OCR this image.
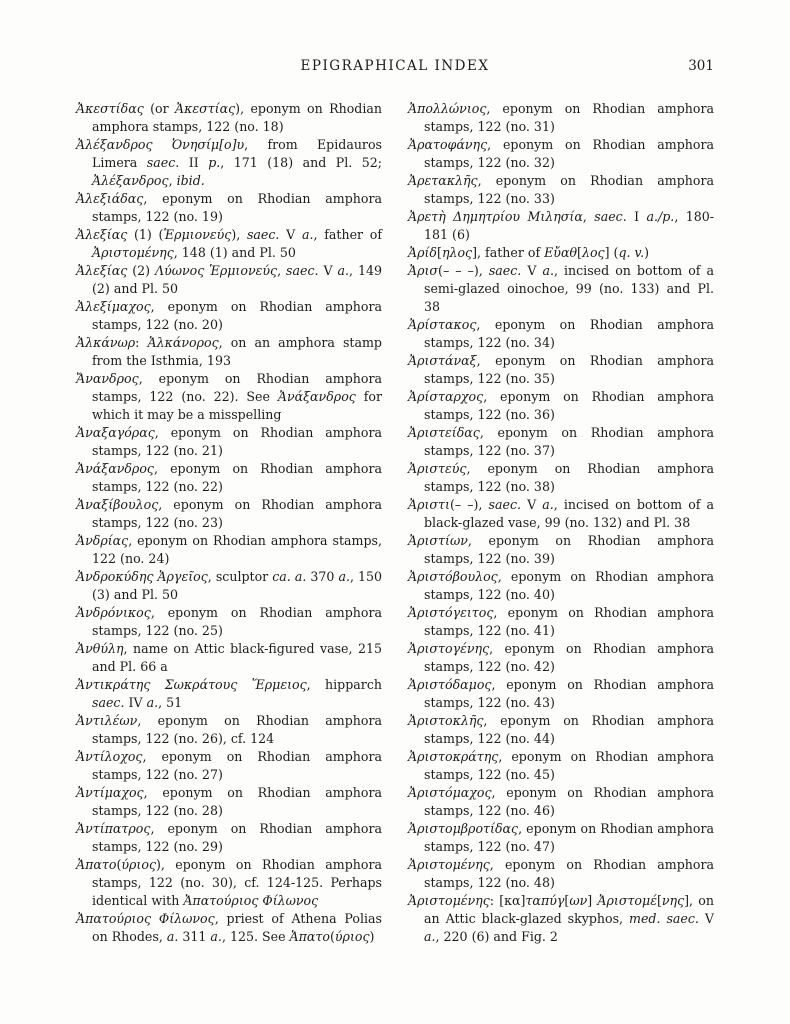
EPIGRAPHICAL INDEX	301

Ἀκεστίδας (or Ἀκεστίας), eponym on Rhodian amphora stamps, 122 (no. 18)

Ἀλέξανδρος Ὀνησίμ[ο]υ, from Epidauros Limera saec. II p., 171 (18) and Pl. 52; Ἀλέξανδρος, ibid.

Ἀλεξιάδας, eponym on Rhodian amphora stamps, 122 (no. 19)

Ἀλεξίας (1) (Ἑρμιονεύς), saec. V a., father of Ἀριστομένης, 148 (1) and Pl. 50

Ἀλεξίας (2) Λύωνος Ἑρμιονεύς, saec. V a., 149 (2) and Pl. 50

Ἀλεξίμαχος, eponym on Rhodian amphora stamps, 122 (no. 20)

Ἀλκάνωρ: Ἀλκάνορος, on an amphora stamp from the Isthmia, 193

Ἄνανδρος, eponym on Rhodian amphora stamps, 122 (no. 22). See Ἀνάξανδρος for which it may be a misspelling

Ἀναξαγόρας, eponym on Rhodian amphora stamps, 122 (no. 21)

Ἀνάξανδρος, eponym on Rhodian amphora stamps, 122 (no. 22)

Ἀναξίβουλος, eponym on Rhodian amphora stamps, 122 (no. 23)

Ἀνδρίας, eponym on Rhodian amphora stamps, 122 (no. 24)

Ἀνδροκύδης Ἀργεῖος, sculptor ca. a. 370 a., 150 (3) and Pl. 50

Ἀνδρόνικος, eponym on Rhodian amphora stamps, 122 (no. 25)

Ἀνθύλη, name on Attic black-figured vase, 215 and Pl. 66 a

Ἀντικράτης Σωκράτους Ἕρμειος, hipparch saec. IV a., 51

Ἀντιλέων, eponym on Rhodian amphora stamps, 122 (no. 26), cf. 124

Ἀντίλοχος, eponym on Rhodian amphora stamps, 122 (no. 27)

Ἀντίμαχος, eponym on Rhodian amphora stamps, 122 (no. 28)

Ἀντίπατρος, eponym on Rhodian amphora stamps, 122 (no. 29)

Ἀπατο(ύριος), eponym on Rhodian amphora stamps, 122 (no. 30), cf. 124-125. Perhaps identical with Ἀπατούριος Φίλωνος

Ἀπατούριος Φίλωνος, priest of Athena Polias on Rhodes, a. 311 a., 125. See Ἀπατο(ύριος)

Ἀπολλώνιος, eponym on Rhodian amphora stamps, 122 (no. 31)

Ἀρατοφάνης, eponym on Rhodian amphora stamps, 122 (no. 32)

Ἀρετακλῆς, eponym on Rhodian amphora stamps, 122 (no. 33)

Ἀρετὴ Δημητρίου Μιλησία, saec. I a./p., 180-181 (6)

Ἀρίδ[ηλος], father of Εὔαθ[λος] (q. v.)

Ἀρισ(– – –), saec. V a., incised on bottom of a semi-glazed oinochoe, 99 (no. 133) and Pl. 38

Ἀρίστακος, eponym on Rhodian amphora stamps, 122 (no. 34)

Ἀριστάναξ, eponym on Rhodian amphora stamps, 122 (no. 35)

Ἀρίσταρχος, eponym on Rhodian amphora stamps, 122 (no. 36)

Ἀριστείδας, eponym on Rhodian amphora stamps, 122 (no. 37)

Ἀριστεύς, eponym on Rhodian amphora stamps, 122 (no. 38)

Ἀριστι(– –), saec. V a., incised on bottom of a black-glazed vase, 99 (no. 132) and Pl. 38

Ἀριστίων, eponym on Rhodian amphora stamps, 122 (no. 39)

Ἀριστόβουλος, eponym on Rhodian amphora stamps, 122 (no. 40)

Ἀριστόγειτος, eponym on Rhodian amphora stamps, 122 (no. 41)

Ἀριστογένης, eponym on Rhodian amphora stamps, 122 (no. 42)

Ἀριστόδαμος, eponym on Rhodian amphora stamps, 122 (no. 43)

Ἀριστοκλῆς, eponym on Rhodian amphora stamps, 122 (no. 44)

Ἀριστοκράτης, eponym on Rhodian amphora stamps, 122 (no. 45)

Ἀριστόμαχος, eponym on Rhodian amphora stamps, 122 (no. 46)

Ἀριστομβροτίδας, eponym on Rhodian amphora stamps, 122 (no. 47)

Ἀριστομένης, eponym on Rhodian amphora stamps, 122 (no. 48)

Ἀριστομένης: [κα]ταπύγ[ων] Ἀριστομέ[νης], on an Attic black-glazed skyphos, med. saec. V a., 220 (6) and Fig. 2
